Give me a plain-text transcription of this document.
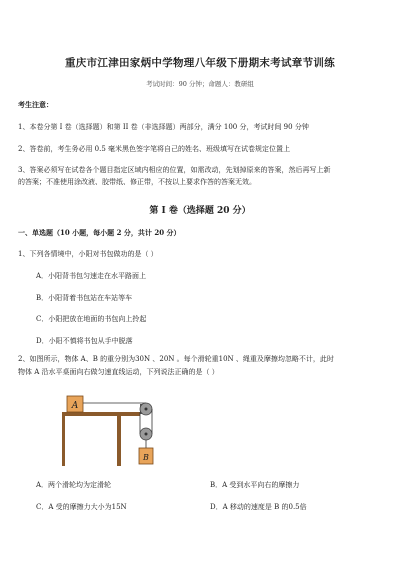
重庆市江津田家炳中学物理八年级下册期末考试章节训练
考试时间：90 分钟；命题人：教研组
考生注意：
1、本卷分第 I 卷（选择题）和第 II 卷（非选择题）两部分，满分 100 分，考试时间 90 分钟
2、答卷前，考生务必用 0.5 毫米黑色签字笔将自己的姓名、班级填写在试卷规定位置上
3、答案必须写在试卷各个题目指定区域内相应的位置，如需改动，先划掉原来的答案，然后再写上新
的答案；不准使用涂改液、胶带纸、修正带，不按以上要求作答的答案无效。
第 I 卷（选择题 20 分）
一、单选题（10 小题，每小题 2 分，共计 20 分）
1、下列各情境中，小阳对书包做功的是（ ）
A．小阳背书包匀速走在水平路面上
B．小阳背着书包站在车站等车
C．小阳把放在地面的书包向上拎起
D．小阳不慎将书包从手中脱落
2、如图所示，物体 A、B 的重分别为30N 、20N 。每个滑轮重10N 、绳重及摩擦均忽略不计，此时
物体 A 沿水平桌面向右做匀速直线运动，下列说法正确的是（ ）
A
B
A．两个滑轮均为定滑轮	B．A 受到水平向右的摩擦力
C．A 受的摩擦力大小为15N	D．A 移动的速度是 B 的0.5倍
